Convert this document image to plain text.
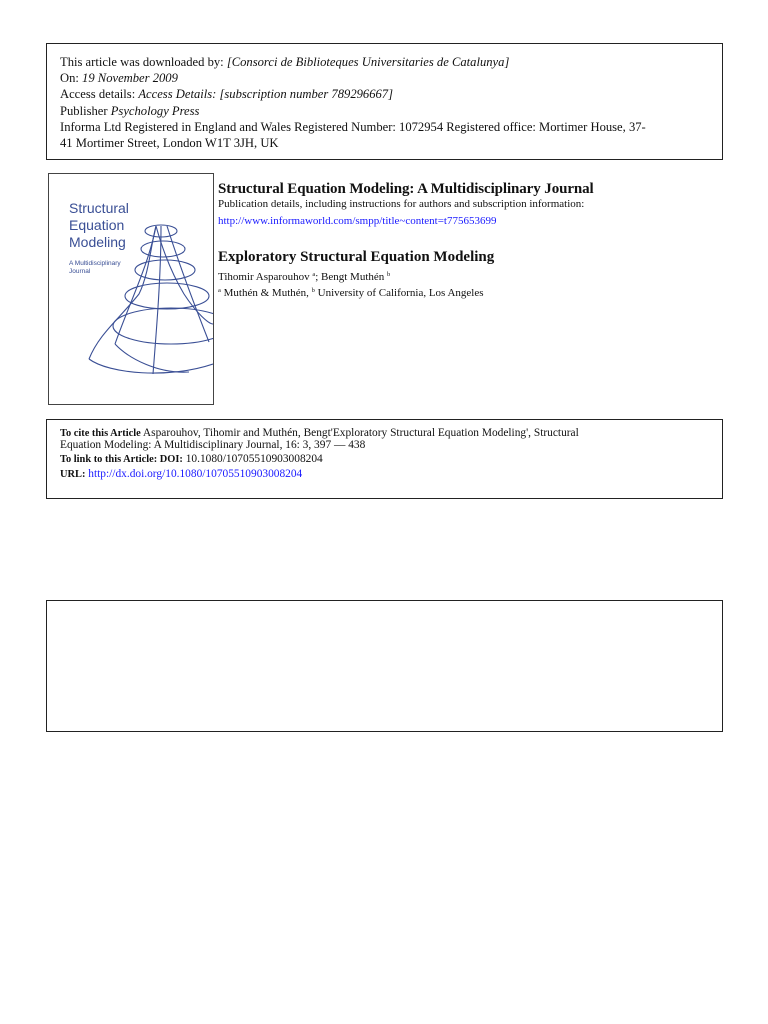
This article was downloaded by: [Consorci de Biblioteques Universitaries de Catalunya]
On: 19 November 2009
Access details: Access Details: [subscription number 789296667]
Publisher Psychology Press
Informa Ltd Registered in England and Wales Registered Number: 1072954 Registered office: Mortimer House, 37-
41 Mortimer Street, London W1T 3JH, UK
Structural
Equation
Modeling
A Multidisciplinary
Journal
Structural Equation Modeling: A Multidisciplinary Journal
Publication details, including instructions for authors and subscription information:
http://www.informaworld.com/smpp/title~content=t775653699
Exploratory Structural Equation Modeling
Tihomir Asparouhov $^a$; Bengt Muthén $^b$
$^a$ Muthén & Muthén, $^b$ University of California, Los Angeles
To cite this Article Asparouhov, Tihomir and Muthén, Bengt'Exploratory Structural Equation Modeling', Structural
Equation Modeling: A Multidisciplinary Journal, 16: 3, 397 — 438
To link to this Article: DOI: 10.1080/10705510903008204
URL: http://dx.doi.org/10.1080/10705510903008204
